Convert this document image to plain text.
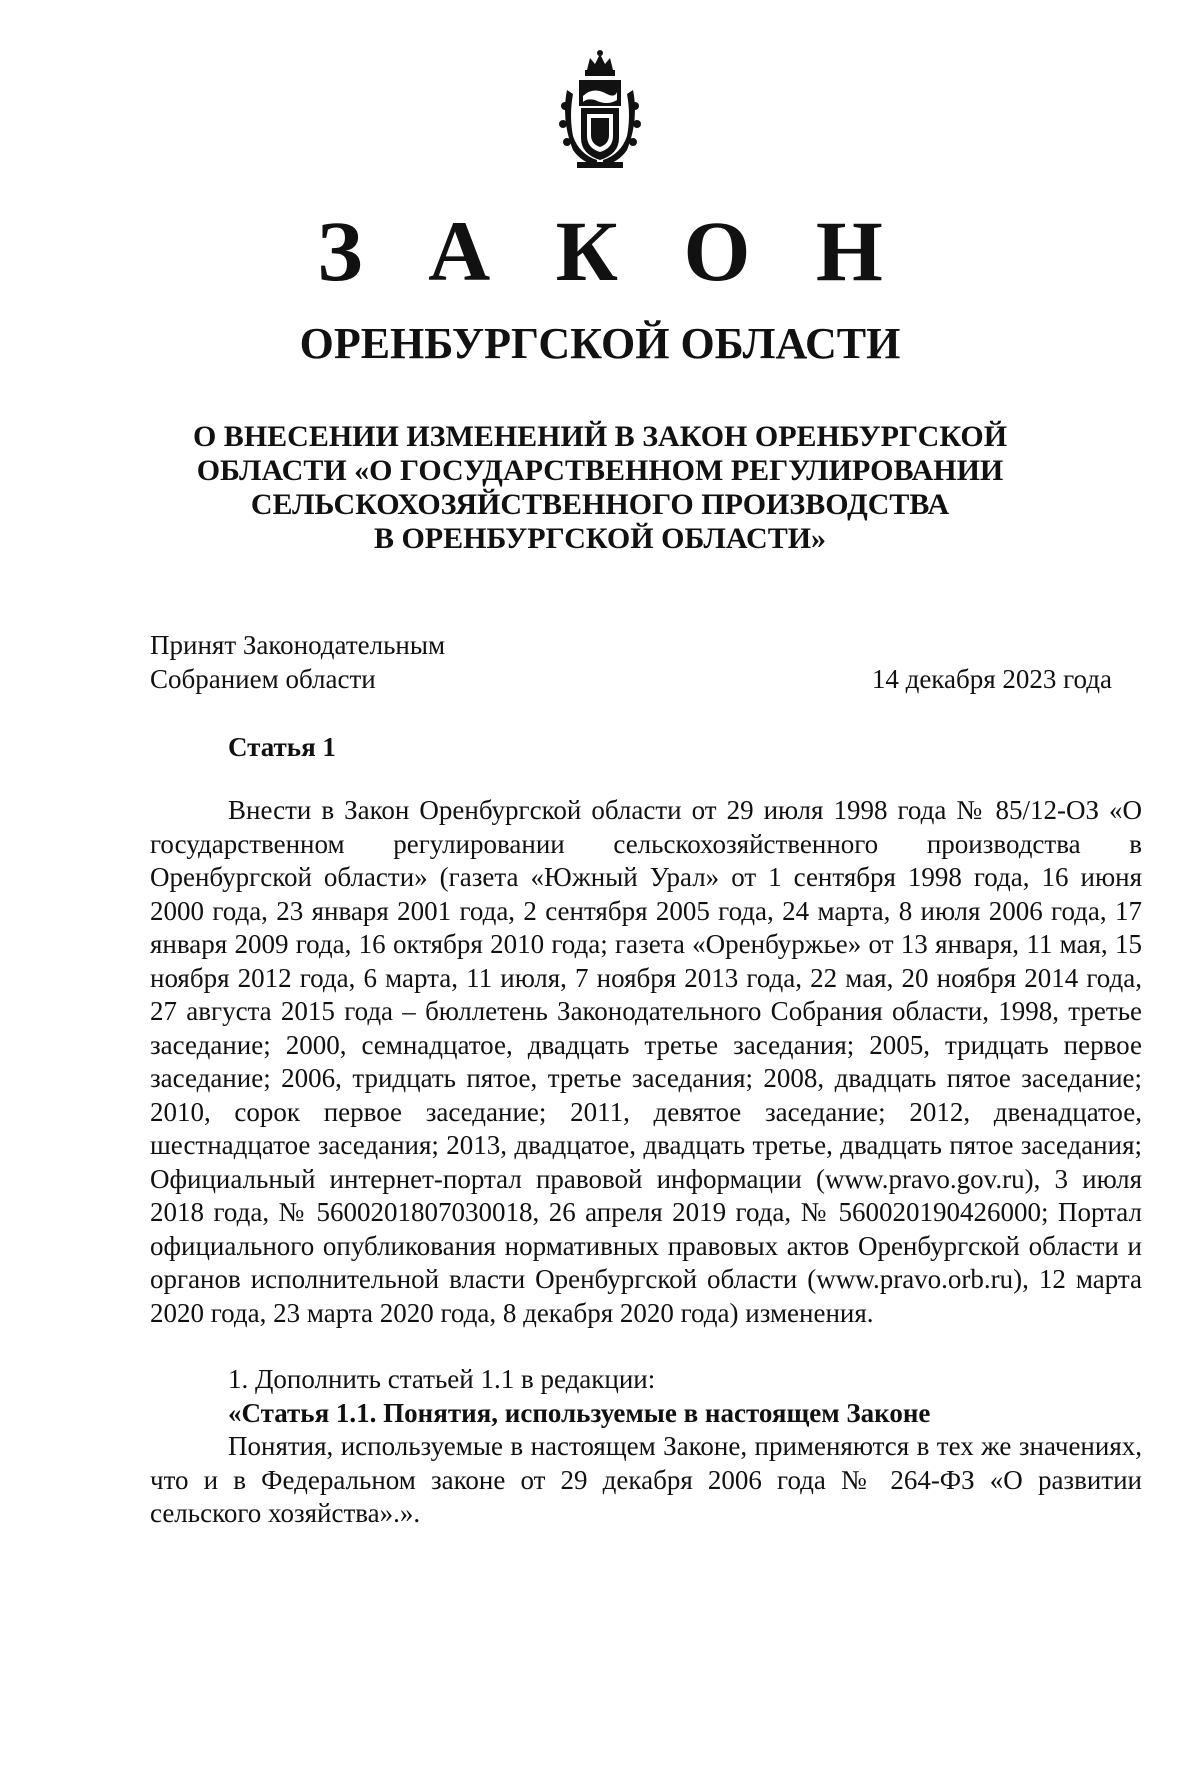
З А К О Н
ОРЕНБУРГСКОЙ ОБЛАСТИ
О ВНЕСЕНИИ ИЗМЕНЕНИЙ В ЗАКОН ОРЕНБУРГСКОЙ
ОБЛАСТИ «О ГОСУДАРСТВЕННОМ РЕГУЛИРОВАНИИ
СЕЛЬСКОХОЗЯЙСТВЕННОГО ПРОИЗВОДСТВА
В ОРЕНБУРГСКОЙ ОБЛАСТИ»
Принят Законодательным
Собранием области	14 декабря 2023 года
Статья 1

Внести в Закон Оренбургской области от 29 июля 1998 года № 85/12-ОЗ «О государственном регулировании сельскохозяйственного производства в Оренбургской области» (газета «Южный Урал» от 1 сентября 1998 года, 16 июня 2000 года, 23 января 2001 года, 2 сентября 2005 года, 24 марта, 8 июля 2006 года, 17 января 2009 года, 16 октября 2010 года; газета «Оренбуржье» от 13 января, 11 мая, 15 ноября 2012 года, 6 марта, 11 июля, 7 ноября 2013 года, 22 мая, 20 ноября 2014 года, 27 августа 2015 года – бюллетень Законодательного Собрания области, 1998, третье заседание; 2000, семнадцатое, двадцать третье заседания; 2005, тридцать первое заседание; 2006, тридцать пятое, третье заседания; 2008, двадцать пятое заседание; 2010, сорок первое заседание; 2011, девятое заседание; 2012, двенадцатое, шестнадцатое заседания; 2013, двадцатое, двадцать третье, двадцать пятое заседания; Официальный интернет-портал правовой информации (www.pravo.gov.ru), 3 июля 2018 года, № 5600201807030018, 26 апреля 2019 года, № 560020190426000; Портал официального опубликования нормативных правовых актов Оренбургской области и органов исполнительной власти Оренбургской области (www.pravo.orb.ru), 12 марта 2020 года, 23 марта 2020 года, 8 декабря 2020 года) изменения.

1. Дополнить статьей 1.1 в редакции:

«Статья 1.1. Понятия, используемые в настоящем Законе

Понятия, используемые в настоящем Законе, применяются в тех же значениях, что и в Федеральном законе от 29 декабря 2006 года № 264-ФЗ «О развитии сельского хозяйства».».
